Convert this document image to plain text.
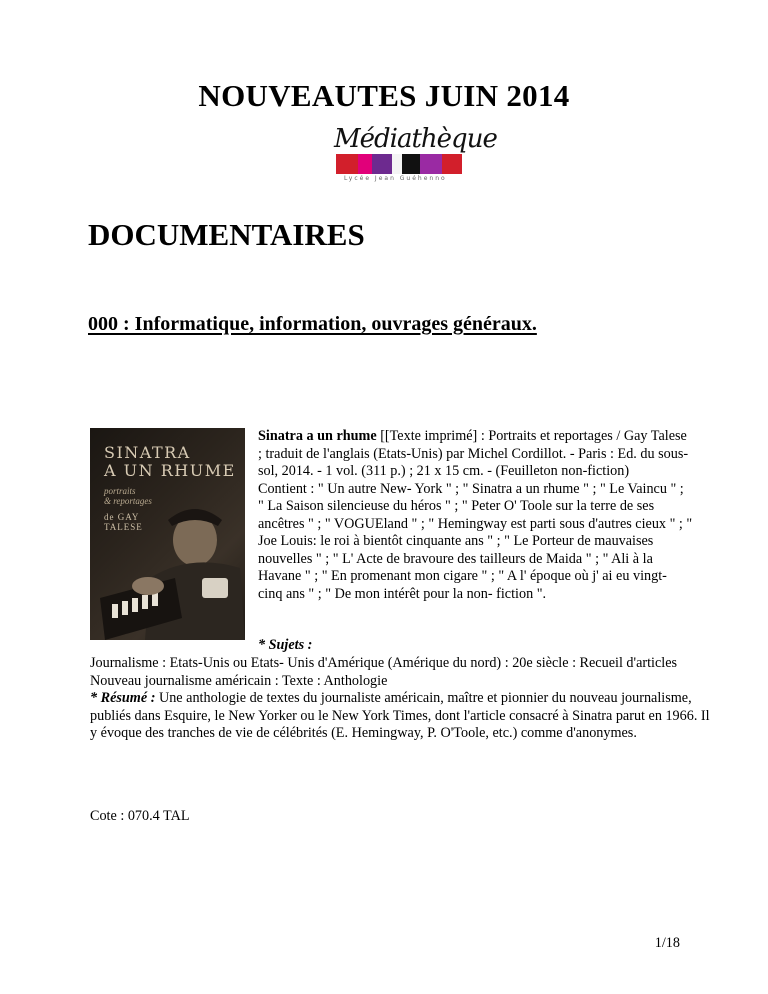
NOUVEAUTES JUIN 2014
Médiathèque
Lycée Jean Guéhenno
DOCUMENTAIRES
000 : Informatique, information, ouvrages généraux.
SINATRA
A UN RHUME
portraits
& reportages
de GAY
TALESE
Sinatra a un rhume [[Texte imprimé] : Portraits et reportages / Gay Talese ; traduit de l'anglais (Etats-Unis) par Michel Cordillot. - Paris : Ed. du sous-sol, 2014. - 1 vol. (311 p.) ; 21 x 15 cm. - (Feuilleton non-fiction)
Contient : " Un autre New- York " ; " Sinatra a un rhume " ; " Le Vaincu " ; " La Saison silencieuse du héros " ; " Peter O' Toole sur la terre de ses ancêtres " ; " VOGUEland " ; " Hemingway est parti sous d'autres cieux " ; " Joe Louis: le roi à bientôt cinquante ans " ; " Le Porteur de mauvaises nouvelles " ; " L' Acte de bravoure des tailleurs de Maida " ; " Ali à la Havane " ; " En promenant mon cigare " ; " A l' époque où j' ai eu vingt- cinq ans " ; " De mon intérêt pour la non- fiction ".
* Sujets :
Journalisme : Etats-Unis ou Etats- Unis d'Amérique (Amérique du nord) : 20e siècle : Recueil d'articles
Nouveau journalisme américain : Texte : Anthologie
* Résumé : Une anthologie de textes du journaliste américain, maître et pionnier du nouveau journalisme, publiés dans Esquire, le New Yorker ou le New York Times, dont l'article consacré à Sinatra parut en 1966. Il y évoque des tranches de vie de célébrités (E. Hemingway, P. O'Toole, etc.) comme d'anonymes.
Cote : 070.4 TAL
1/18
